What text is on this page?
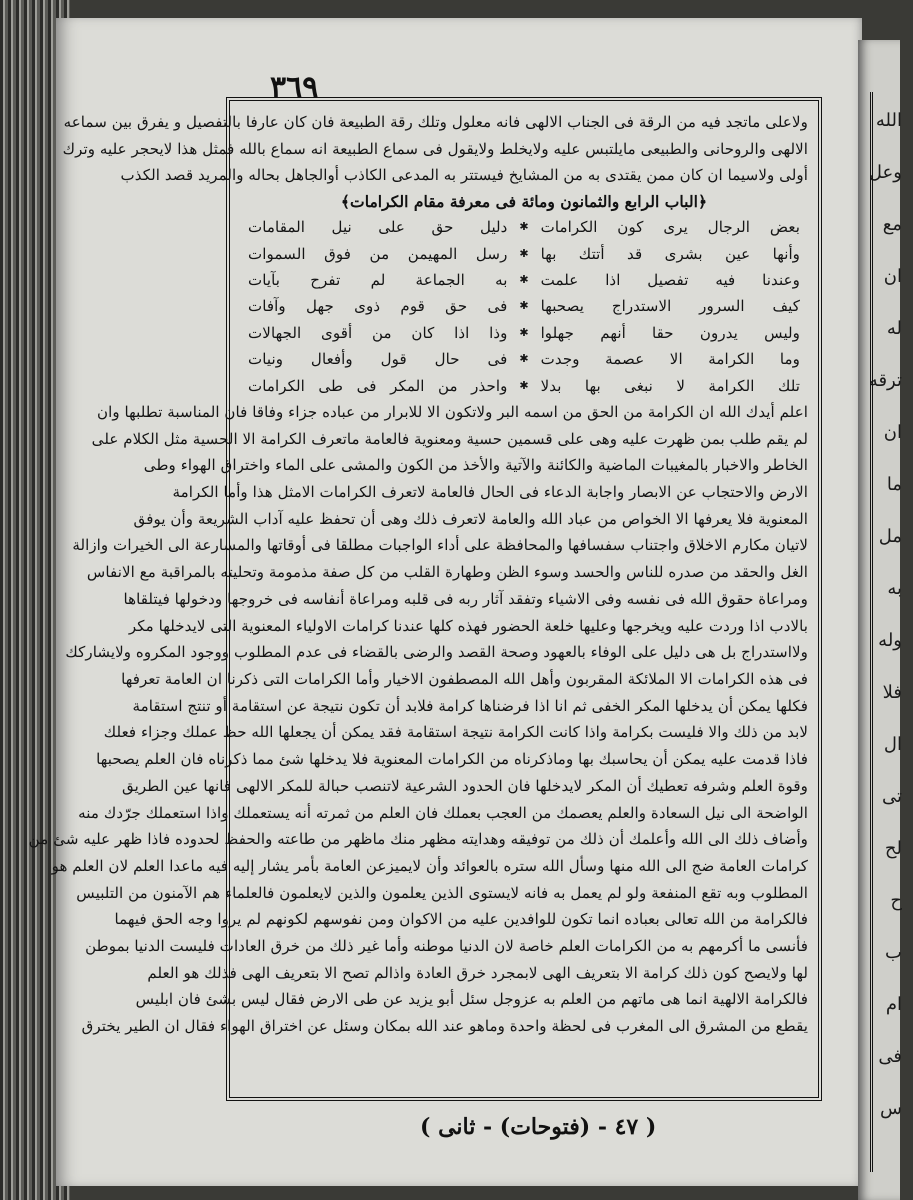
الله
وعل
مع
ان
له
ترقه
ان
ما
مل
به
وله
فلا
ال
تى
لح
ح
ب
ام
فى
س
٣٦٩
ولاعلى ماتجد فيه من الرقة فى الجناب الالهى فانه معلول وتلك رقة الطبيعة فان كان عارفا بالتفصيل و يفرق بين سماعه
الالهى والروحانى والطبيعى مايلتبس عليه ولايخلط ولايقول فى سماع الطبيعة انه سماع بالله فمثل هذا لايحجر عليه وترك
أولى ولاسيما ان كان ممن يقتدى به من المشايخ فيستتر به المدعى الكاذب أوالجاهل بحاله والمريد قصد الكذب
﴿الباب الرابع والثمانون ومائة فى معرفة مقام الكرامات﴾
بعض الرجال يرى كون الكرامات
✱
دليل حق على نيل المقامات
وأنها عين بشرى قد أتتك بها
✱
رسل المهيمن من فوق السموات
وعندنا فيه تفصيل اذا علمت
✱
به الجماعة لم تفرح بآيات
كيف السرور الاستدراج يصحبها
✱
فى حق قوم ذوى جهل وآفات
وليس يدرون حقا أنهم جهلوا
✱
وذا اذا كان من أقوى الجهالات
وما الكرامة الا عصمة وجدت
✱
فى حال قول وأفعال ونيات
تلك الكرامة لا نبغى بها بدلا
✱
واحذر من المكر فى طى الكرامات
اعلم أيدك الله ان الكرامة من الحق من اسمه البر ولاتكون الا للابرار من عباده جزاء وفاقا فان المناسبة تطلبها وان
لم يقم طلب بمن ظهرت عليه وهى على قسمين حسية ومعنوية فالعامة ماتعرف الكرامة الا الحسية مثل الكلام على
الخاطر والاخبار بالمغيبات الماضية والكائنة والآتية والأخذ من الكون والمشى على الماء واختراق الهواء وطى
الارض والاحتجاب عن الابصار واجابة الدعاء فى الحال فالعامة لاتعرف الكرامات الامثل هذا وأما الكرامة
المعنوية فلا يعرفها الا الخواص من عباد الله والعامة لاتعرف ذلك وهى أن تحفظ عليه آداب الشريعة وأن يوفق
لاتيان مكارم الاخلاق واجتناب سفسافها والمحافظة على أداء الواجبات مطلقا فى أوقاتها والمسارعة الى الخيرات وازالة
الغل والحقد من صدره للناس والحسد وسوء الظن وطهارة القلب من كل صفة مذمومة وتحليته بالمراقبة مع الانفاس
ومراعاة حقوق الله فى نفسه وفى الاشياء وتفقد آثار ربه فى قلبه ومراعاة أنفاسه فى خروجها ودخولها فيتلقاها
بالادب اذا وردت عليه ويخرجها وعليها خلعة الحضور فهذه كلها عندنا كرامات الاولياء المعنوية التى لايدخلها مكر
ولااستدراج بل هى دليل على الوفاء بالعهود وصحة القصد والرضى بالقضاء فى عدم المطلوب ووجود المكروه ولايشاركك
فى هذه الكرامات الا الملائكة المقربون وأهل الله المصطفون الاخيار وأما الكرامات التى ذكرنا ان العامة تعرفها
فكلها يمكن أن يدخلها المكر الخفى ثم انا اذا فرضناها كرامة فلابد أن تكون نتيجة عن استقامة أو تنتج استقامة
لابد من ذلك والا فليست بكرامة واذا كانت الكرامة نتيجة استقامة فقد يمكن أن يجعلها الله حظ عملك وجزاء فعلك
فاذا قدمت عليه يمكن أن يحاسبك بها وماذكرناه من الكرامات المعنوية فلا يدخلها شئ مما ذكرناه فان العلم يصحبها
وقوة العلم وشرفه تعطيك أن المكر لايدخلها فان الحدود الشرعية لاتنصب حبالة للمكر الالهى فانها عين الطريق
الواضحة الى نيل السعادة والعلم يعصمك من العجب بعملك فان العلم من ثمرته أنه يستعملك واذا استعملك جرّدك منه
وأضاف ذلك الى الله وأعلمك أن ذلك من توفيقه وهدايته مظهر منك ماظهر من طاعته والحفظ لحدوده فاذا ظهر عليه شئ من
كرامات العامة ضج الى الله منها وسأل الله ستره بالعوائد وأن لايميزعن العامة بأمر يشار إليه فيه ماعدا العلم لان العلم هو
المطلوب وبه تقع المنفعة ولو لم يعمل به فانه لايستوى الذين يعلمون والذين لايعلمون فالعلماء هم الآمنون من التلبيس
فالكرامة من الله تعالى بعباده انما تكون للوافدين عليه من الاكوان ومن نفوسهم لكونهم لم يروا وجه الحق فيهما
فأنسى ما أكرمهم به من الكرامات العلم خاصة لان الدنيا موطنه وأما غير ذلك من خرق العادات فليست الدنيا بموطن
لها ولايصح كون ذلك كرامة الا بتعريف الهى لابمجرد خرق العادة واذالم تصح الا بتعريف الهى فذلك هو العلم
فالكرامة الالهية انما هى ماتهم من العلم به عزوجل سئل أبو يزيد عن طى الارض فقال ليس بشئ فان ابليس
يقطع من المشرق الى المغرب فى لحظة واحدة وماهو عند الله بمكان وسئل عن اختراق الهواء فقال ان الطير يخترق
( ٤٧ - (فتوحات) - ثانى )
